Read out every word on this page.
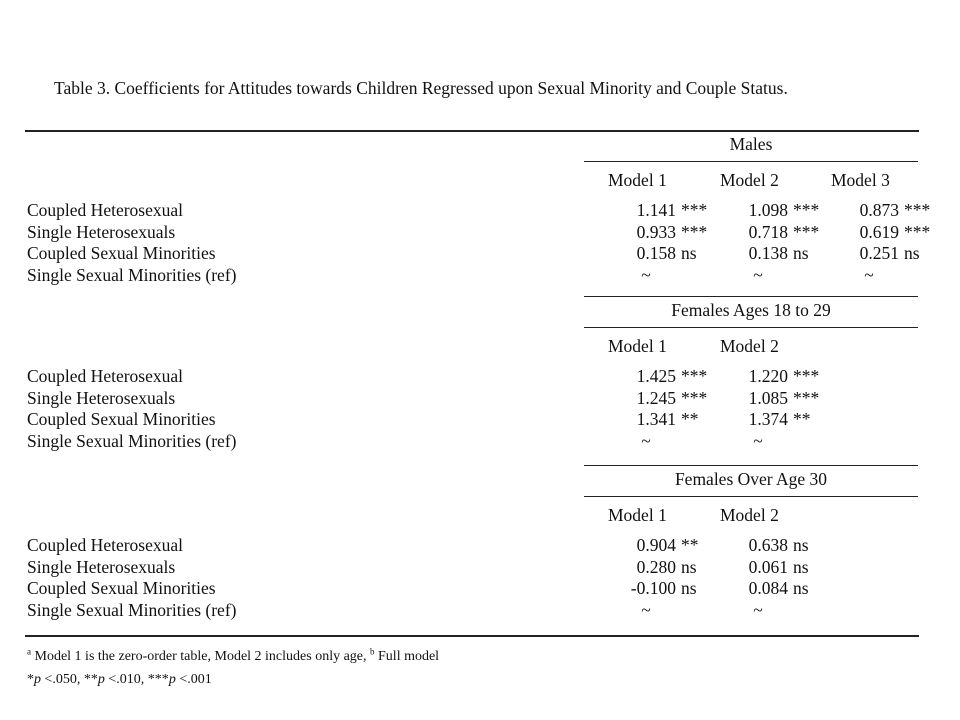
Table 3. Coefficients for Attitudes towards Children Regressed upon Sexual Minority and Couple Status.
Males
Model 1	Model 2	Model 3
Coupled Heterosexual	1.141 ***	1.098 ***	0.873 ***
Single Heterosexuals	0.933 ***	0.718 ***	0.619 ***
Coupled Sexual Minorities	0.158 ns	0.138 ns	0.251 ns
Single Sexual Minorities (ref)	~	~	~
Females Ages 18 to 29
Model 1	Model 2
Coupled Heterosexual	1.425 ***	1.220 ***
Single Heterosexuals	1.245 ***	1.085 ***
Coupled Sexual Minorities	1.341 **	1.374 **
Single Sexual Minorities (ref)	~	~
Females Over Age 30
Model 1	Model 2
Coupled Heterosexual	0.904 **	0.638 ns
Single Heterosexuals	0.280 ns	0.061 ns
Coupled Sexual Minorities	-0.100 ns	0.084 ns
Single Sexual Minorities (ref)	~	~
$^a$ Model 1 is the zero-order table, Model 2 includes only age, $^b$ Full model
*p <.050, **p <.010, ***p <.001
